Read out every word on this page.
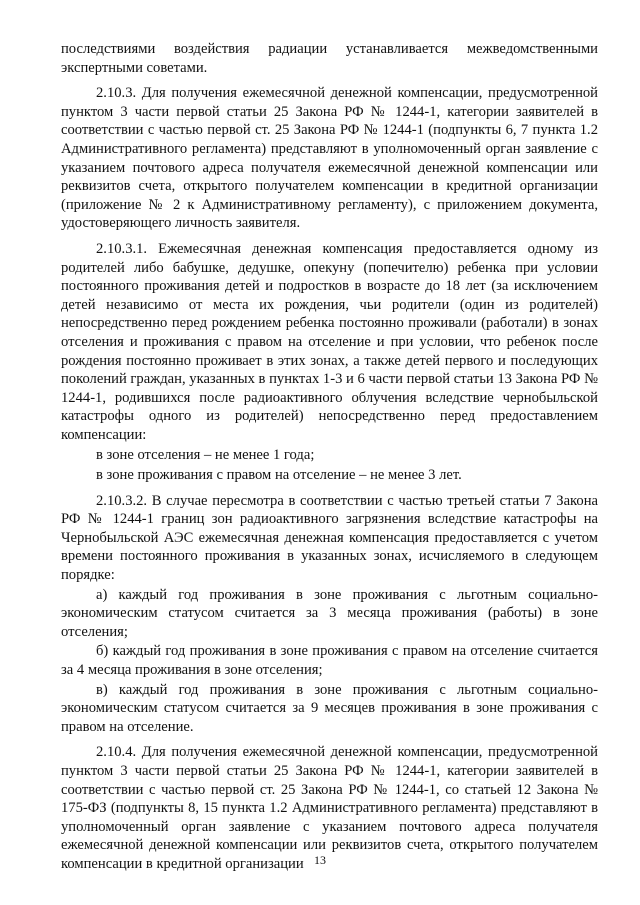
последствиями воздействия радиации устанавливается межведомственными экспертными советами.

2.10.3. Для получения ежемесячной денежной компенсации, предусмотренной пунктом 3 части первой статьи 25 Закона РФ № 1244-1, категории заявителей в соответствии с частью первой ст. 25 Закона РФ № 1244-1 (подпункты 6, 7 пункта 1.2 Административного регламента) представляют в уполномоченный орган заявление с указанием почтового адреса получателя ежемесячной денежной компенсации или реквизитов счета, открытого получателем компенсации в кредитной организации (приложение № 2 к Административному регламенту), с приложением документа, удостоверяющего личность заявителя.

2.10.3.1. Ежемесячная денежная компенсация предоставляется одному из родителей либо бабушке, дедушке, опекуну (попечителю) ребенка при условии постоянного проживания детей и подростков в возрасте до 18 лет (за исключением детей независимо от места их рождения, чьи родители (один из родителей) непосредственно перед рождением ребенка постоянно проживали (работали) в зонах отселения и проживания с правом на отселение и при условии, что ребенок после рождения постоянно проживает в этих зонах, а также детей первого и последующих поколений граждан, указанных в пунктах 1-3 и 6 части первой статьи 13 Закона РФ № 1244-1, родившихся после радиоактивного облучения вследствие чернобыльской катастрофы одного из родителей) непосредственно перед предоставлением компенсации:

в зоне отселения – не менее 1 года;

в зоне проживания с правом на отселение – не менее 3 лет.

2.10.3.2. В случае пересмотра в соответствии с частью третьей статьи 7 Закона РФ № 1244-1 границ зон радиоактивного загрязнения вследствие катастрофы на Чернобыльской АЭС ежемесячная денежная компенсация предоставляется с учетом времени постоянного проживания в указанных зонах, исчисляемого в следующем порядке:

а) каждый год проживания в зоне проживания с льготным социально-экономическим статусом считается за 3 месяца проживания (работы) в зоне отселения;

б) каждый год проживания в зоне проживания с правом на отселение считается за 4 месяца проживания в зоне отселения;

в) каждый год проживания в зоне проживания с льготным социально-экономическим статусом считается за 9 месяцев проживания в зоне проживания с правом на отселение.

2.10.4. Для получения ежемесячной денежной компенсации, предусмотренной пунктом 3 части первой статьи 25 Закона РФ № 1244-1, категории заявителей в соответствии с частью первой ст. 25 Закона РФ № 1244-1, со статьей 12 Закона № 175-ФЗ (подпункты 8, 15 пункта 1.2 Административного регламента) представляют в уполномоченный орган заявление с указанием почтового адреса получателя ежемесячной денежной компенсации или реквизитов счета, открытого получателем компенсации в кредитной организации 13
